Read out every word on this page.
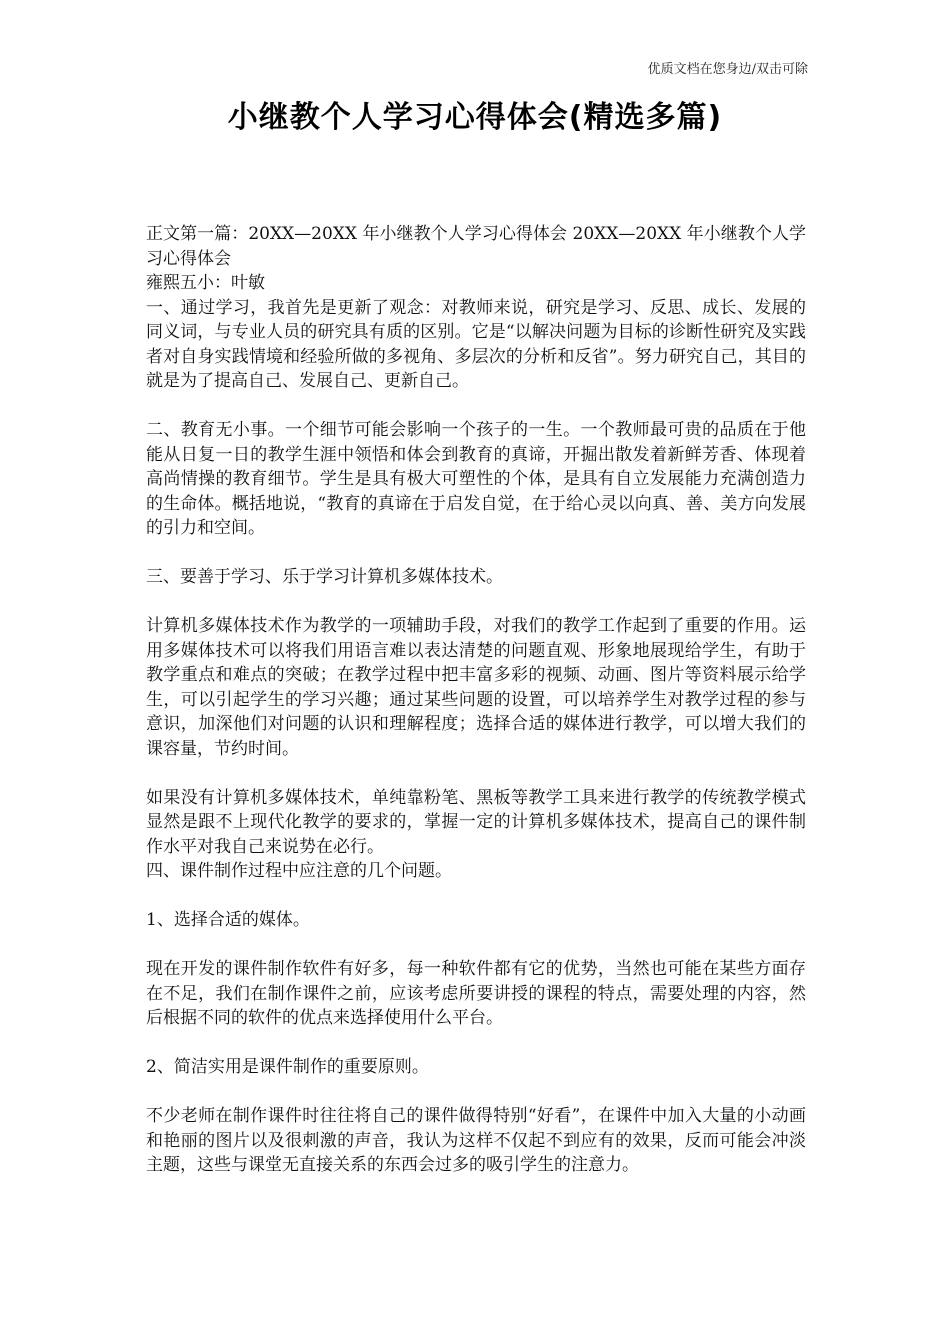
优质文档在您身边/双击可除
小继教个人学习心得体会(精选多篇)

正文第一篇：20XX—20XX 年小继教个人学习心得体会 20XX—20XX 年小继教个人学习心得体会

雍熙五小：叶敏

一、通过学习，我首先是更新了观念：对教师来说，研究是学习、反思、成长、发展的同义词，与专业人员的研究具有质的区别。它是“以解决问题为目标的诊断性研究及实践者对自身实践情境和经验所做的多视角、多层次的分析和反省”。努力研究自己，其目的就是为了提高自己、发展自己、更新自己。

二、教育无小事。一个细节可能会影响一个孩子的一生。一个教师最可贵的品质在于他能从日复一日的教学生涯中领悟和体会到教育的真谛，开掘出散发着新鲜芳香、体现着高尚情操的教育细节。学生是具有极大可塑性的个体，是具有自立发展能力充满创造力的生命体。概括地说，“教育的真谛在于启发自觉，在于给心灵以向真、善、美方向发展的引力和空间。

三、要善于学习、乐于学习计算机多媒体技术。

计算机多媒体技术作为教学的一项辅助手段，对我们的教学工作起到了重要的作用。运用多媒体技术可以将我们用语言难以表达清楚的问题直观、形象地展现给学生，有助于教学重点和难点的突破；在教学过程中把丰富多彩的视频、动画、图片等资料展示给学生，可以引起学生的学习兴趣；通过某些问题的设置，可以培养学生对教学过程的参与意识，加深他们对问题的认识和理解程度；选择合适的媒体进行教学，可以增大我们的课容量，节约时间。

如果没有计算机多媒体技术，单纯靠粉笔、黑板等教学工具来进行教学的传统教学模式显然是跟不上现代化教学的要求的，掌握一定的计算机多媒体技术，提高自己的课件制作水平对我自己来说势在必行。

四、课件制作过程中应注意的几个问题。

1、选择合适的媒体。

现在开发的课件制作软件有好多，每一种软件都有它的优势，当然也可能在某些方面存在不足，我们在制作课件之前，应该考虑所要讲授的课程的特点，需要处理的内容，然后根据不同的软件的优点来选择使用什么平台。

2、简洁实用是课件制作的重要原则。

不少老师在制作课件时往往将自己的课件做得特别“好看”，在课件中加入大量的小动画和艳丽的图片以及很刺激的声音，我认为这样不仅起不到应有的效果，反而可能会冲淡主题，这些与课堂无直接关系的东西会过多的吸引学生的注意力。
